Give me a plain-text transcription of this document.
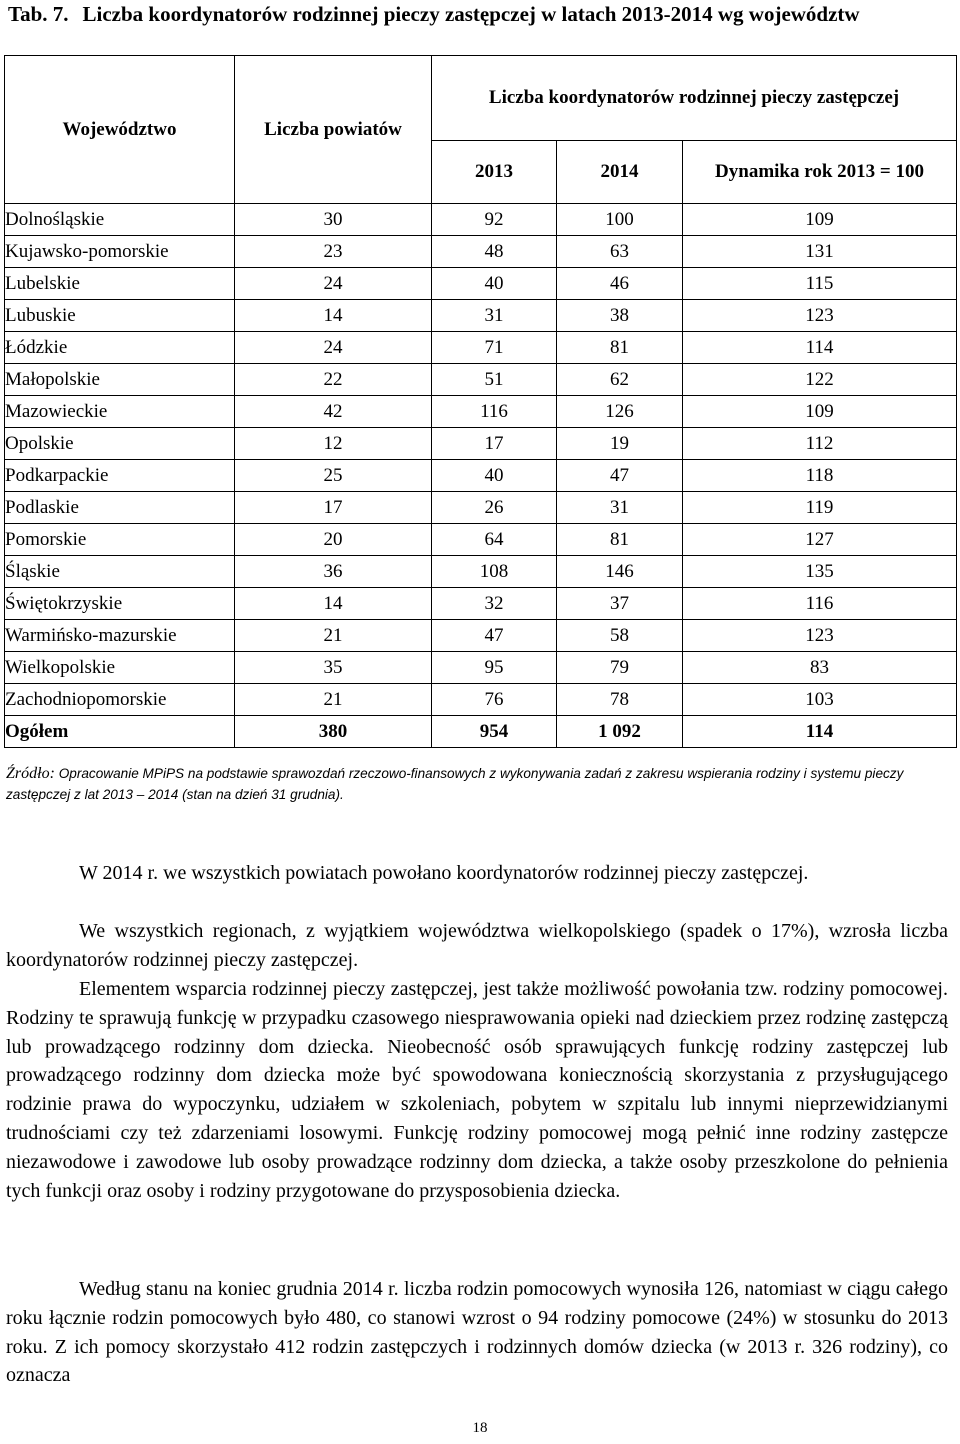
Tab. 7. Liczba koordynatorów rodzinnej pieczy zastępczej w latach 2013-2014 wg województw
Województwo	Liczba powiatów	Liczba koordynatorów rodzinnej pieczy zastępczej		
		2013	2014	Dynamika rok 2013 = 100
Dolnośląskie	30	92	100	109
Kujawsko-pomorskie	23	48	63	131
Lubelskie	24	40	46	115
Lubuskie	14	31	38	123
Łódzkie	24	71	81	114
Małopolskie	22	51	62	122
Mazowieckie	42	116	126	109
Opolskie	12	17	19	112
Podkarpackie	25	40	47	118
Podlaskie	17	26	31	119
Pomorskie	20	64	81	127
Śląskie	36	108	146	135
Świętokrzyskie	14	32	37	116
Warmińsko-mazurskie	21	47	58	123
Wielkopolskie	35	95	79	83
Zachodniopomorskie	21	76	78	103
Ogółem	380	954	1 092	114
Źródło: Opracowanie MPiPS na podstawie sprawozdań rzeczowo-finansowych z wykonywania zadań z zakresu wspierania rodziny i systemu pieczy zastępczej z lat 2013 – 2014 (stan na dzień 31 grudnia).

W 2014 r. we wszystkich powiatach powołano koordynatorów rodzinnej pieczy zastępczej.

We wszystkich regionach, z wyjątkiem województwa wielkopolskiego (spadek o 17%), wzrosła liczba koordynatorów rodzinnej pieczy zastępczej.

Elementem wsparcia rodzinnej pieczy zastępczej, jest także możliwość powołania tzw. rodziny pomocowej. Rodziny te sprawują funkcję w przypadku czasowego niesprawowania opieki nad dzieckiem przez rodzinę zastępczą lub prowadzącego rodzinny dom dziecka. Nieobecność osób sprawujących funkcję rodziny zastępczej lub prowadzącego rodzinny dom dziecka może być spowodowana koniecznością skorzystania z przysługującego rodzinie prawa do wypoczynku, udziałem w szkoleniach, pobytem w szpitalu lub innymi nieprzewidzianymi trudnościami czy też zdarzeniami losowymi. Funkcję rodziny pomocowej mogą pełnić inne rodziny zastępcze niezawodowe i zawodowe lub osoby prowadzące rodzinny dom dziecka, a także osoby przeszkolone do pełnienia tych funkcji oraz osoby i rodziny przygotowane do przysposobienia dziecka.

Według stanu na koniec grudnia 2014 r. liczba rodzin pomocowych wynosiła 126, natomiast w ciągu całego roku łącznie rodzin pomocowych było 480, co stanowi wzrost o 94 rodziny pomocowe (24%) w stosunku do 2013 roku. Z ich pomocy skorzystało 412 rodzin zastępczych i rodzinnych domów dziecka (w 2013 r. 326 rodziny), co oznacza

18
